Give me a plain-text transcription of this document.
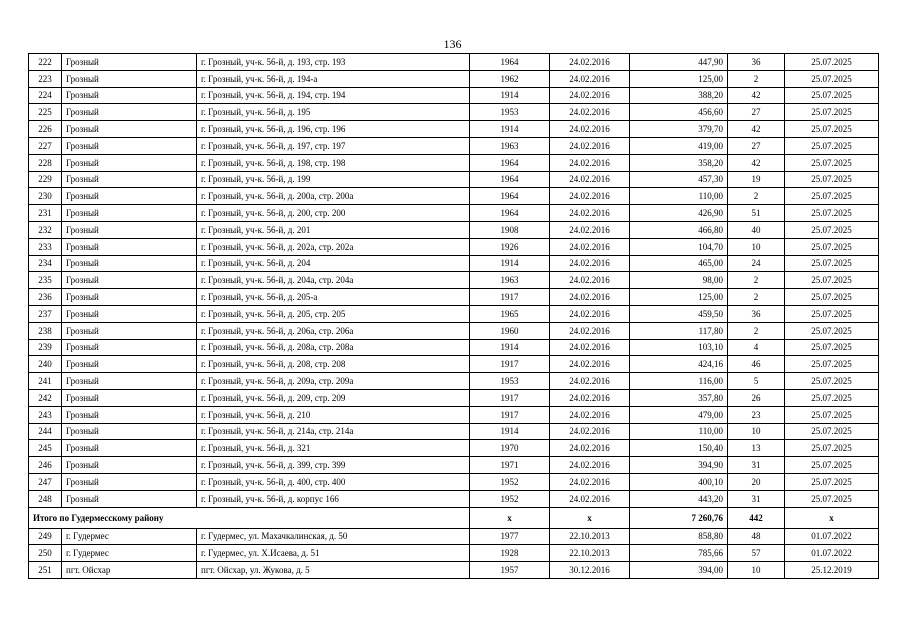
136
222	Грозный	г. Грозный, уч-к. 56-й, д. 193, стр. 193	1964	24.02.2016	447,90	36	25.07.2025
223	Грозный	г. Грозный, уч-к. 56-й, д. 194-а	1962	24.02.2016	125,00	2	25.07.2025
224	Грозный	г. Грозный, уч-к. 56-й, д. 194, стр. 194	1914	24.02.2016	388,20	42	25.07.2025
225	Грозный	г. Грозный, уч-к. 56-й, д. 195	1953	24.02.2016	456,60	27	25.07.2025
226	Грозный	г. Грозный, уч-к. 56-й, д. 196, стр. 196	1914	24.02.2016	379,70	42	25.07.2025
227	Грозный	г. Грозный, уч-к. 56-й, д. 197, стр. 197	1963	24.02.2016	419,00	27	25.07.2025
228	Грозный	г. Грозный, уч-к. 56-й, д. 198, стр. 198	1964	24.02.2016	358,20	42	25.07.2025
229	Грозный	г. Грозный, уч-к. 56-й, д. 199	1964	24.02.2016	457,30	19	25.07.2025
230	Грозный	г. Грозный, уч-к. 56-й, д. 200а, стр. 200а	1964	24.02.2016	110,00	2	25.07.2025
231	Грозный	г. Грозный, уч-к. 56-й, д. 200, стр. 200	1964	24.02.2016	426,90	51	25.07.2025
232	Грозный	г. Грозный, уч-к. 56-й, д. 201	1908	24.02.2016	466,80	40	25.07.2025
233	Грозный	г. Грозный, уч-к. 56-й, д. 202а, стр. 202а	1926	24.02.2016	104,70	10	25.07.2025
234	Грозный	г. Грозный, уч-к. 56-й, д. 204	1914	24.02.2016	465,00	24	25.07.2025
235	Грозный	г. Грозный, уч-к. 56-й, д. 204а, стр. 204а	1963	24.02.2016	98,00	2	25.07.2025
236	Грозный	г. Грозный, уч-к. 56-й, д. 205-а	1917	24.02.2016	125,00	2	25.07.2025
237	Грозный	г. Грозный, уч-к. 56-й, д. 205, стр. 205	1965	24.02.2016	459,50	36	25.07.2025
238	Грозный	г. Грозный, уч-к. 56-й, д. 206а, стр. 206а	1960	24.02.2016	117,80	2	25.07.2025
239	Грозный	г. Грозный, уч-к. 56-й, д. 208а, стр. 208а	1914	24.02.2016	103,10	4	25.07.2025
240	Грозный	г. Грозный, уч-к. 56-й, д. 208, стр. 208	1917	24.02.2016	424,16	46	25.07.2025
241	Грозный	г. Грозный, уч-к. 56-й, д. 209а, стр. 209а	1953	24.02.2016	116,00	5	25.07.2025
242	Грозный	г. Грозный, уч-к. 56-й, д. 209, стр. 209	1917	24.02.2016	357,80	26	25.07.2025
243	Грозный	г. Грозный, уч-к. 56-й, д. 210	1917	24.02.2016	479,00	23	25.07.2025
244	Грозный	г. Грозный, уч-к. 56-й, д. 214а, стр. 214а	1914	24.02.2016	110,00	10	25.07.2025
245	Грозный	г. Грозный, уч-к. 56-й, д. 321	1970	24.02.2016	150,40	13	25.07.2025
246	Грозный	г. Грозный, уч-к. 56-й, д. 399, стр. 399	1971	24.02.2016	394,90	31	25.07.2025
247	Грозный	г. Грозный, уч-к. 56-й, д. 400, стр. 400	1952	24.02.2016	400,10	20	25.07.2025
248	Грозный	г. Грозный, уч-к. 56-й, д. корпус 166	1952	24.02.2016	443,20	31	25.07.2025
Итого по Гудермесскому району			x	x	7 260,76	442	x
249	г. Гудермес	г. Гудермес, ул. Махачкалинская, д. 50	1977	22.10.2013	858,80	48	01.07.2022
250	г. Гудермес	г. Гудермес, ул. Х.Исаева, д. 51	1928	22.10.2013	785,66	57	01.07.2022
251	пгт. Ойсхар	пгт. Ойсхар, ул. Жукова, д. 5	1957	30.12.2016	394,00	10	25.12.2019
